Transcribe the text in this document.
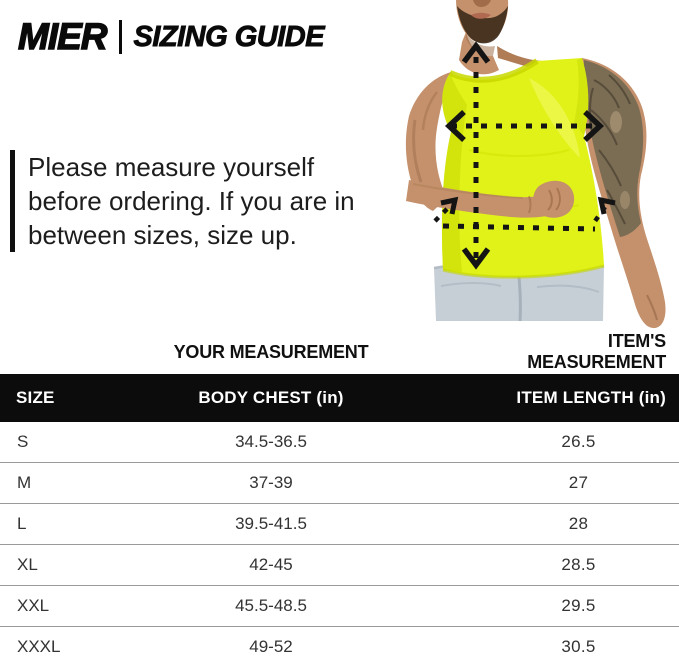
MIER SIZING GUIDE
Please measure yourself
before ordering. If you are in
between sizes, size up.
YOUR MEASUREMENT
ITEM'S MEASUREMENT
SIZE	BODY CHEST (in)	ITEM LENGTH (in)
S	34.5-36.5	26.5
M	37-39	27
L	39.5-41.5	28
XL	42-45	28.5
XXL	45.5-48.5	29.5
XXXL	49-52	30.5
